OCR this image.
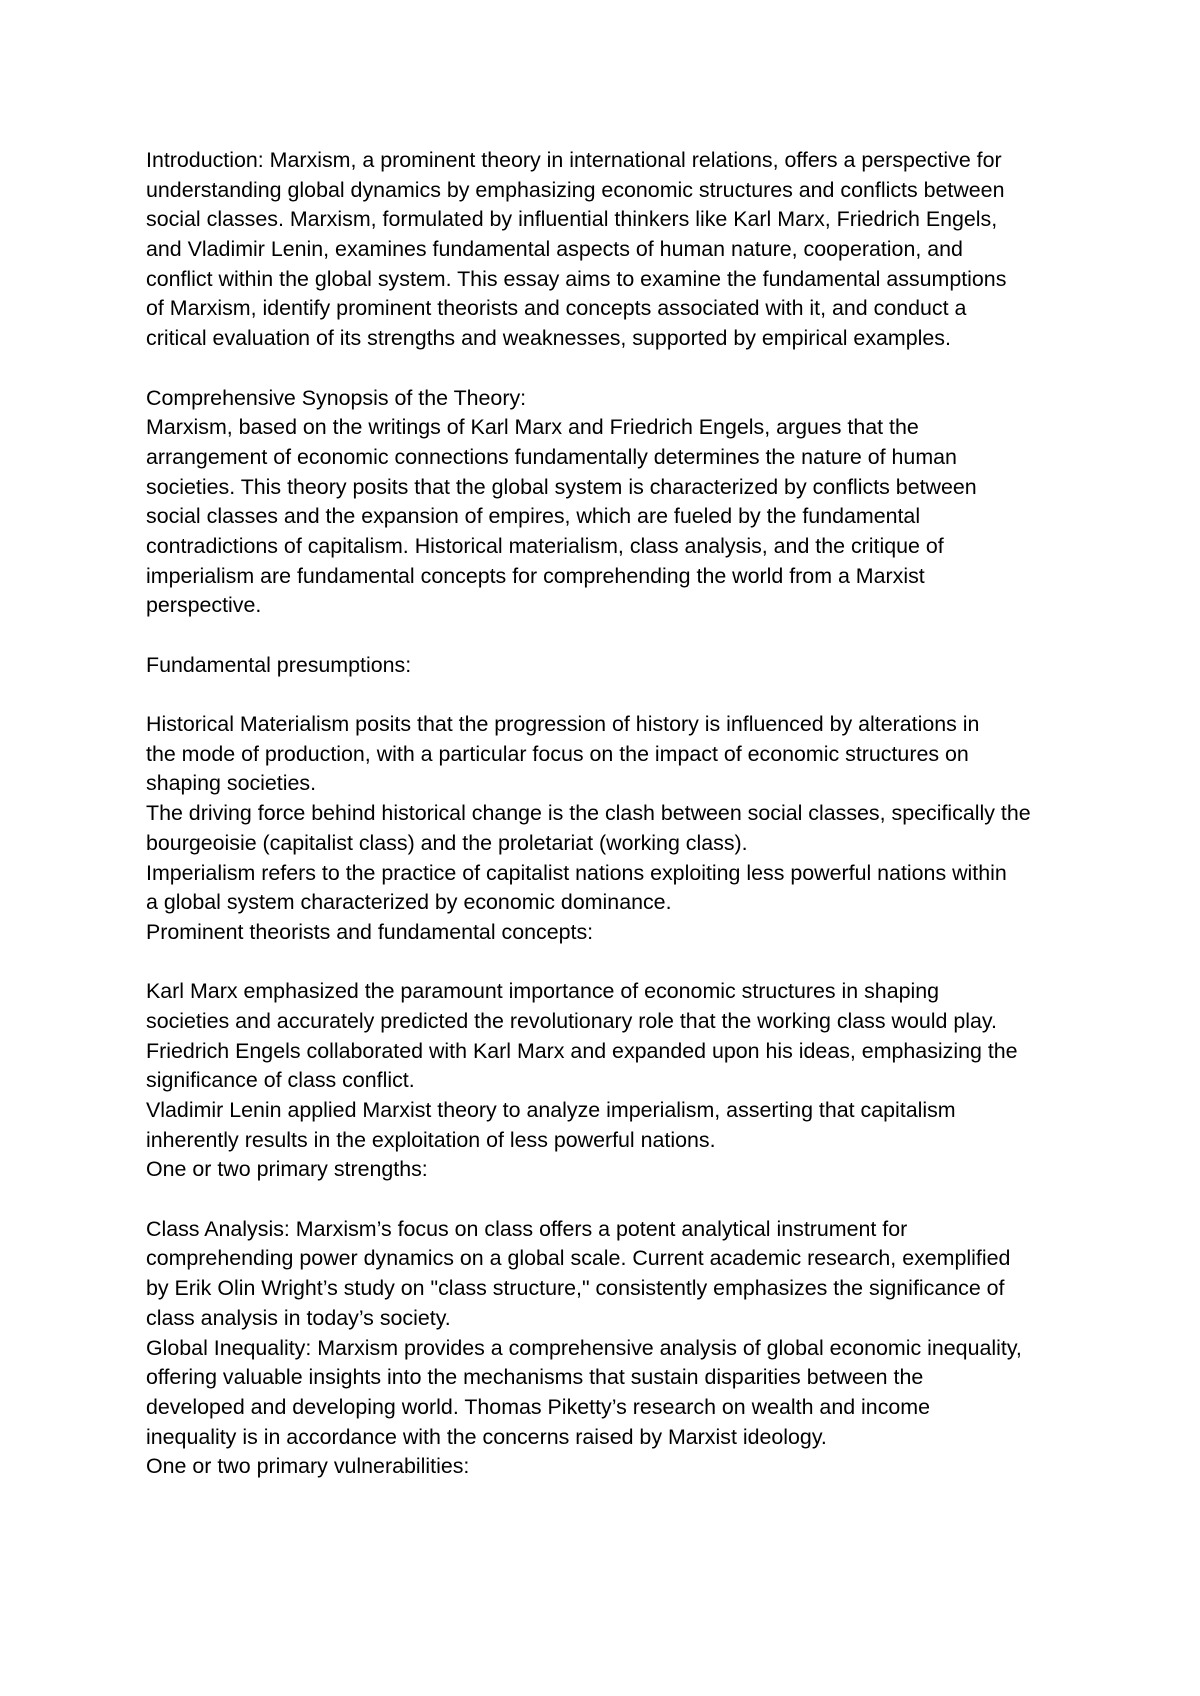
Introduction: Marxism, a prominent theory in international relations, offers a perspective for
understanding global dynamics by emphasizing economic structures and conflicts between
social classes. Marxism, formulated by influential thinkers like Karl Marx, Friedrich Engels,
and Vladimir Lenin, examines fundamental aspects of human nature, cooperation, and
conflict within the global system. This essay aims to examine the fundamental assumptions
of Marxism, identify prominent theorists and concepts associated with it, and conduct a
critical evaluation of its strengths and weaknesses, supported by empirical examples.
Comprehensive Synopsis of the Theory:
Marxism, based on the writings of Karl Marx and Friedrich Engels, argues that the
arrangement of economic connections fundamentally determines the nature of human
societies. This theory posits that the global system is characterized by conflicts between
social classes and the expansion of empires, which are fueled by the fundamental
contradictions of capitalism. Historical materialism, class analysis, and the critique of
imperialism are fundamental concepts for comprehending the world from a Marxist
perspective.
Fundamental presumptions:
Historical Materialism posits that the progression of history is influenced by alterations in
the mode of production, with a particular focus on the impact of economic structures on
shaping societies.
The driving force behind historical change is the clash between social classes, specifically the
bourgeoisie (capitalist class) and the proletariat (working class).
Imperialism refers to the practice of capitalist nations exploiting less powerful nations within
a global system characterized by economic dominance.
Prominent theorists and fundamental concepts:
Karl Marx emphasized the paramount importance of economic structures in shaping
societies and accurately predicted the revolutionary role that the working class would play.
Friedrich Engels collaborated with Karl Marx and expanded upon his ideas, emphasizing the
significance of class conflict.
Vladimir Lenin applied Marxist theory to analyze imperialism, asserting that capitalism
inherently results in the exploitation of less powerful nations.
One or two primary strengths:
Class Analysis: Marxism’s focus on class offers a potent analytical instrument for
comprehending power dynamics on a global scale. Current academic research, exemplified
by Erik Olin Wright’s study on "class structure," consistently emphasizes the significance of
class analysis in today’s society.
Global Inequality: Marxism provides a comprehensive analysis of global economic inequality,
offering valuable insights into the mechanisms that sustain disparities between the
developed and developing world. Thomas Piketty’s research on wealth and income
inequality is in accordance with the concerns raised by Marxist ideology.
One or two primary vulnerabilities:
